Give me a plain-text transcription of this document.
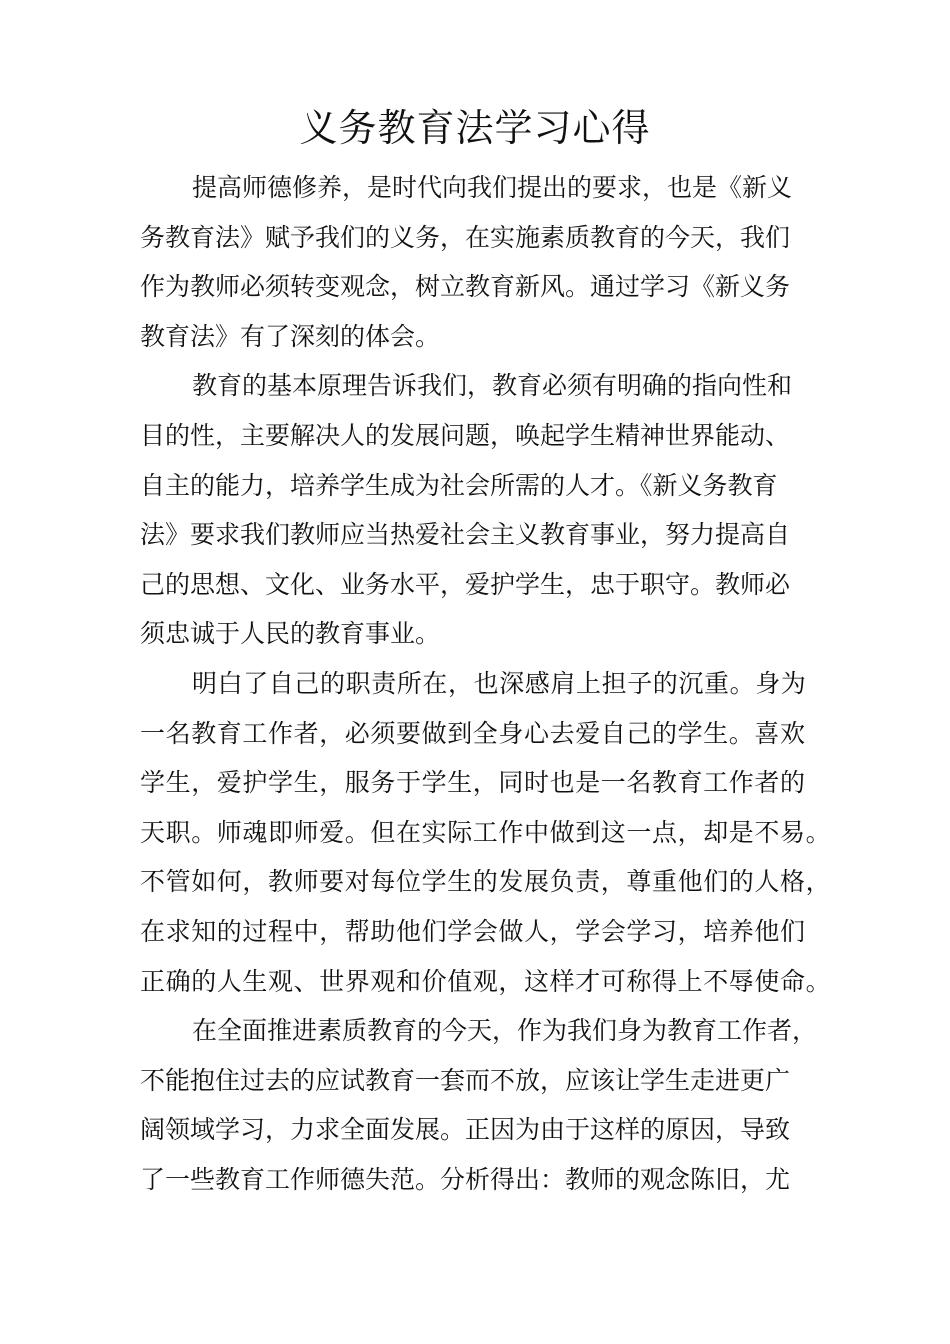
义务教育法学习心得
提高师德修养，是时代向我们提出的要求，也是《新义
务教育法》赋予我们的义务，在实施素质教育的今天，我们
作为教师必须转变观念，树立教育新风。通过学习《新义务
教育法》有了深刻的体会。
教育的基本原理告诉我们，教育必须有明确的指向性和
目的性，主要解决人的发展问题，唤起学生精神世界能动、
自主的能力，培养学生成为社会所需的人才。《新义务教育
法》要求我们教师应当热爱社会主义教育事业，努力提高自
己的思想、文化、业务水平，爱护学生，忠于职守。教师必
须忠诚于人民的教育事业。
明白了自己的职责所在，也深感肩上担子的沉重。身为
一名教育工作者，必须要做到全身心去爱自己的学生。喜欢
学生，爱护学生，服务于学生，同时也是一名教育工作者的
天职。师魂即师爱。但在实际工作中做到这一点，却是不易。
不管如何，教师要对每位学生的发展负责，尊重他们的人格，
在求知的过程中，帮助他们学会做人，学会学习，培养他们
正确的人生观、世界观和价值观，这样才可称得上不辱使命。
在全面推进素质教育的今天，作为我们身为教育工作者，
不能抱住过去的应试教育一套而不放，应该让学生走进更广
阔领域学习，力求全面发展。正因为由于这样的原因，导致
了一些教育工作师德失范。分析得出：教师的观念陈旧，尤
